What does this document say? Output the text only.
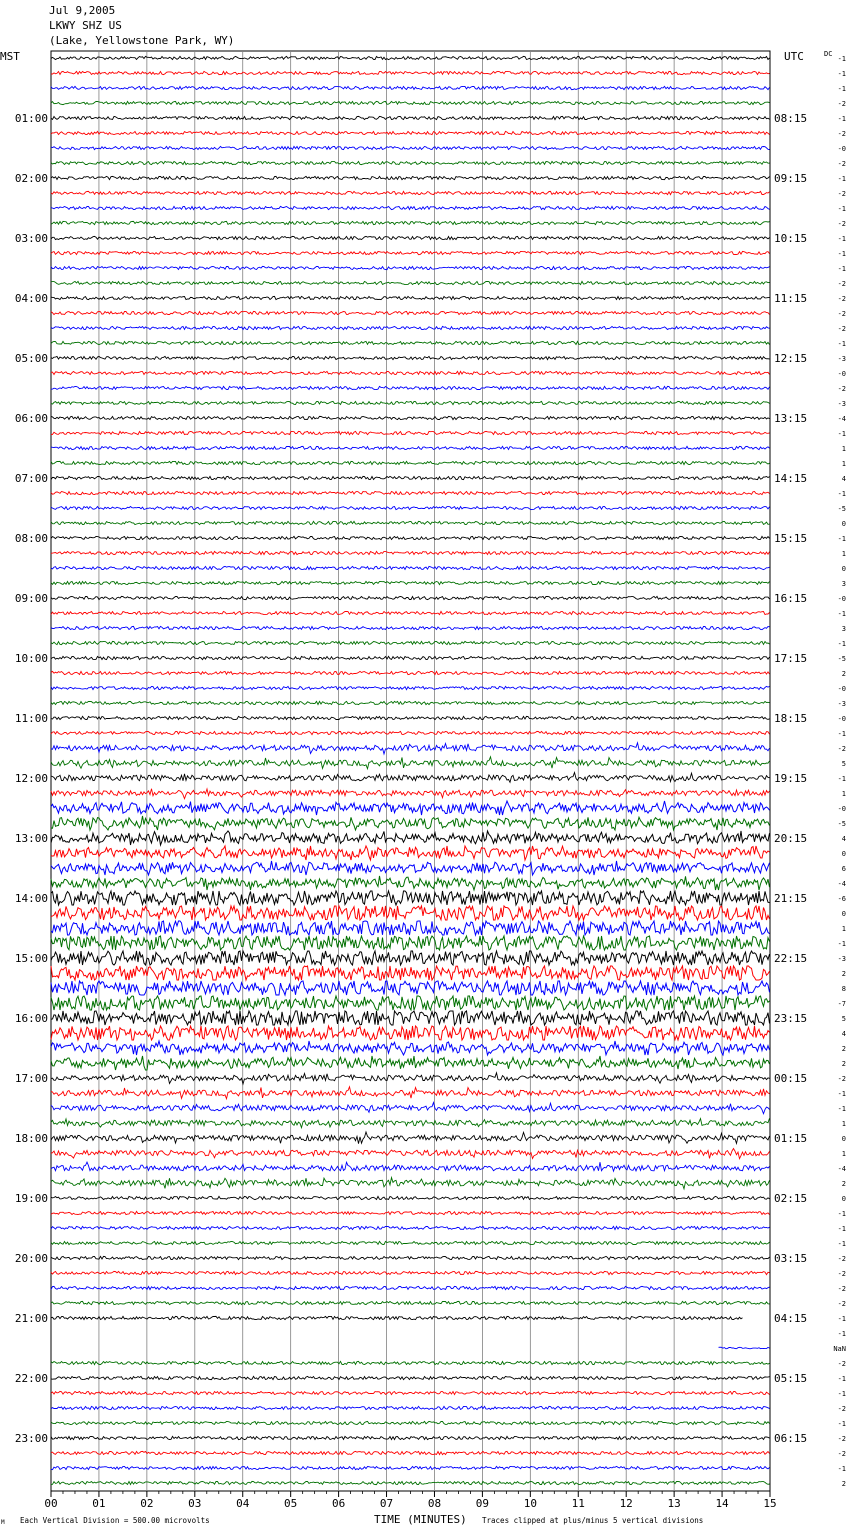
Jul 9,2005
LKWY SHZ US
(Lake, Yellowstone Park, WY)
00	01	02	03	04	05	06	07	08	09	10	11	12	13	14	15
-1
-1
-1
-2
-1
-2
-0
-2
-1
-2
-1
-2
-1
-1
-1
-2
-2
-2
-2
-1
-3
-0
-2
-3
-4
-1
1
1
4
-1
-5
0
-1
1
0
3
-0
-1
3
-1
-5
2
-0
-3
-0
-1
-2
5
-1
1
-0
-5
4
0
6
-4
-6
0
1
-1
-3
2
8
-7
5
4
2
2
-2
-1
-1
1
0
1
-4
2
0
-1
-1
-1
-2
-2
-2
-2
-1
-1
NaN
-2
-1
-1
-2
-1
-2
-2
-1
2
01:00
02:00
03:00
04:00
05:00
06:00
07:00
08:00
09:00
10:00
11:00
12:00
13:00
14:00
15:00
16:00
17:00
18:00
19:00
20:00
21:00
22:00
23:00
08:15
09:15
10:15
11:15
12:15
13:15
14:15
15:15
16:15
17:15
18:15
19:15
20:15
21:15
22:15
23:15
00:15
01:15
02:15
03:15
04:15
05:15
06:15
MST	UTC	DC
TIME (MINUTES)
Each Vertical Division = 500.00 microvolts	Traces clipped at plus/minus 5 vertical divisions
M
